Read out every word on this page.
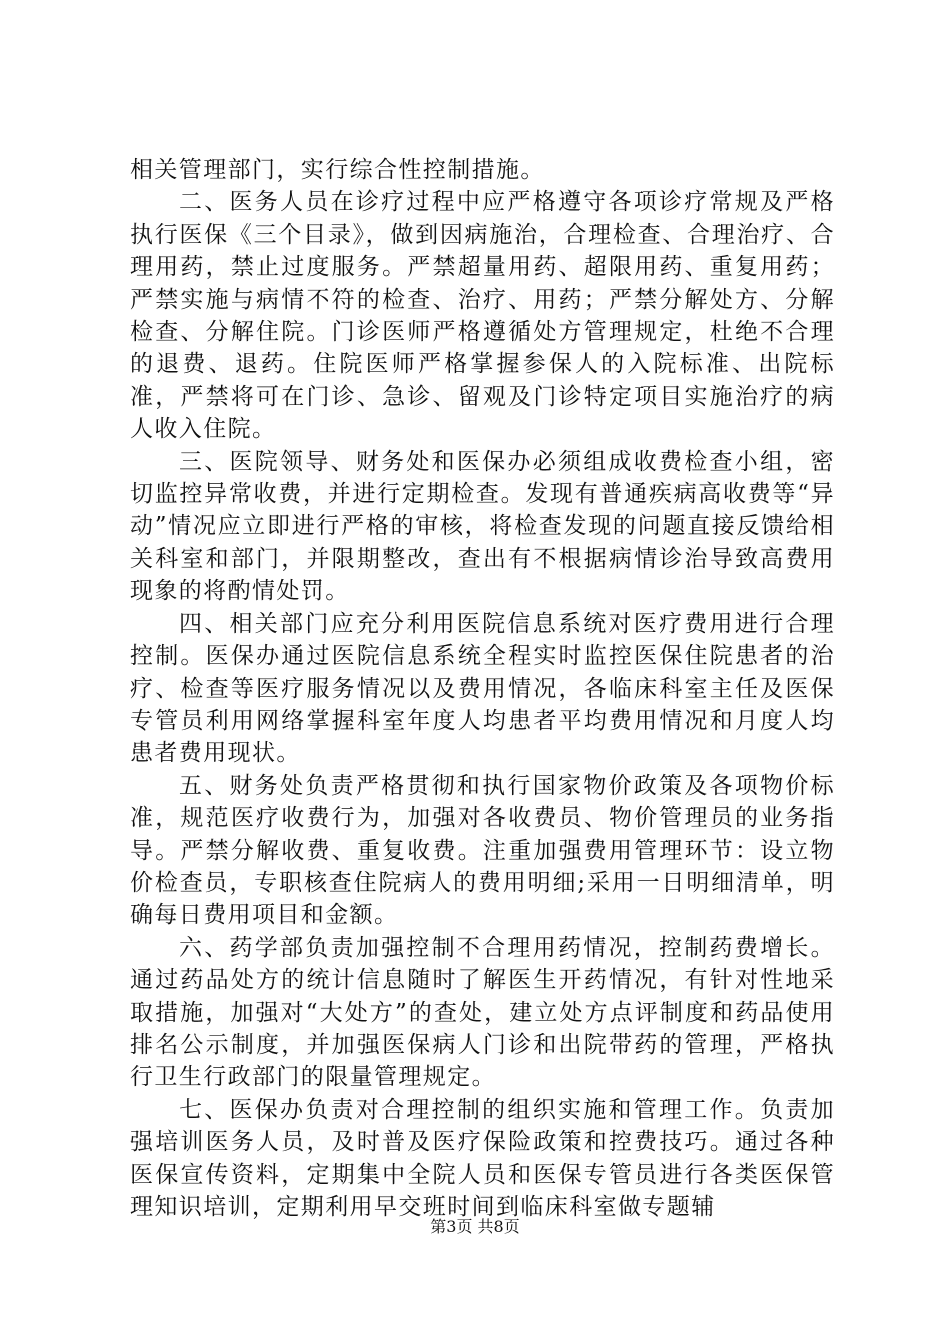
相关管理部门，实行综合性控制措施。

二、医务人员在诊疗过程中应严格遵守各项诊疗常规及严格执行医保《三个目录》，做到因病施治，合理检查、合理治疗、合理用药，禁止过度服务。严禁超量用药、超限用药、重复用药；严禁实施与病情不符的检查、治疗、用药；严禁分解处方、分解检查、分解住院。门诊医师严格遵循处方管理规定，杜绝不合理的退费、退药。住院医师严格掌握参保人的入院标准、出院标准，严禁将可在门诊、急诊、留观及门诊特定项目实施治疗的病人收入住院。

三、医院领导、财务处和医保办必须组成收费检查小组，密切监控异常收费，并进行定期检查。发现有普通疾病高收费等“异动”情况应立即进行严格的审核，将检查发现的问题直接反馈给相关科室和部门，并限期整改，查出有不根据病情诊治导致高费用现象的将酌情处罚。

四、相关部门应充分利用医院信息系统对医疗费用进行合理控制。医保办通过医院信息系统全程实时监控医保住院患者的治疗、检查等医疗服务情况以及费用情况，各临床科室主任及医保专管员利用网络掌握科室年度人均患者平均费用情况和月度人均患者费用现状。

五、财务处负责严格贯彻和执行国家物价政策及各项物价标准，规范医疗收费行为，加强对各收费员、物价管理员的业务指导。严禁分解收费、重复收费。注重加强费用管理环节：设立物价检查员，专职核查住院病人的费用明细;采用一日明细清单，明确每日费用项目和金额。

六、药学部负责加强控制不合理用药情况，控制药费增长。通过药品处方的统计信息随时了解医生开药情况，有针对性地采取措施，加强对“大处方”的查处，建立处方点评制度和药品使用排名公示制度，并加强医保病人门诊和出院带药的管理，严格执行卫生行政部门的限量管理规定。

七、医保办负责对合理控制的组织实施和管理工作。负责加强培训医务人员，及时普及医疗保险政策和控费技巧。通过各种医保宣传资料，定期集中全院人员和医保专管员进行各类医保管理知识培训，定期利用早交班时间到临床科室做专题辅

第3页 共8页
